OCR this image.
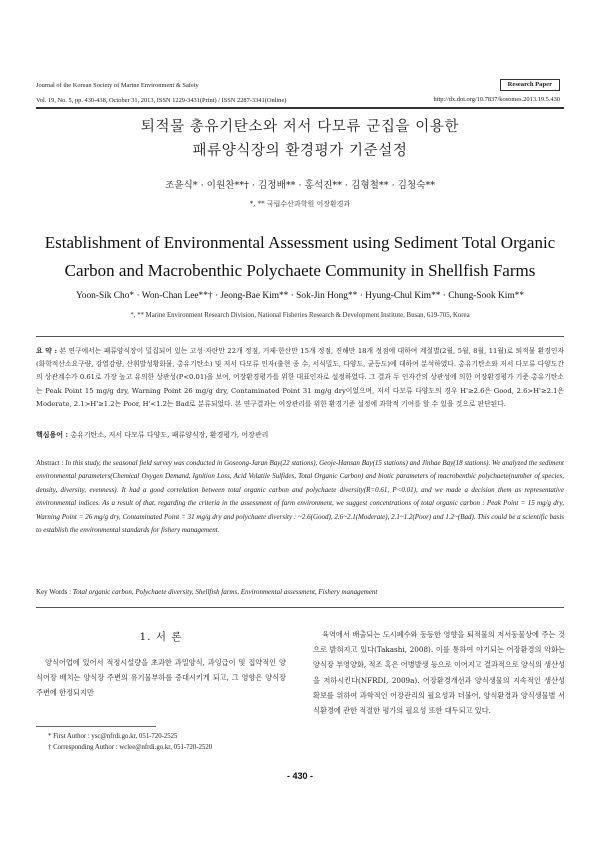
Journal of the Korean Society of Marine Environment & Safety
Vol. 19, No. 5, pp. 430-438, October 31, 2013, ISSN 1229-3431(Print) / ISSN 2287-3341(Online)
Research Paper
http://dx.doi.org/10.7837/kosomes.2013.19.5.430
퇴적물 총유기탄소와 저서 다모류 군집을 이용한
패류양식장의 환경평가 기준설정
조윤식* · 이원찬**† · 김정배** · 홍석진** · 김형철** · 김청숙**
*, ** 국립수산과학원 어장환경과
Establishment of Environmental Assessment using Sediment Total Organic
Carbon and Macrobenthic Polychaete Community in Shellfish Farms
Yoon-Sik Cho* · Won-Chan Lee**† · Jeong-Bae Kim** · Sok-Jin Hong** · Hyung-Chul Kim** · Chung-Sook Kim**
*, ** Marine Environment Research Division, National Fisheries Research & Development Institute, Busan, 619-705, Korea
요 약 : 본 연구에서는 패류양식장이 밀집되어 있는 고성·자란만 22개 정점, 거제·한산만 15개 정점, 진해만 18개 정점에 대하여 계절별(2월, 5월, 8월, 11월)로 퇴적물 환경인자(화학적산소요구량, 강열감량, 산휘발성황화물, 총유기탄소) 및 저서 다모류 인자(출현 종 수, 서식밀도, 다양도, 균등도)에 대하여 분석하였다. 총유기탄소와 저서 다모류 다양도간의 상관계수가 0.61로 가장 높고 유의한 상관성(P<0.01)을 보여, 어장환경평가를 위한 대표인자로 설정하였다. 그 결과 두 인자간의 상관성에 의한 어장환경평가 기준 총유기탄소는 Peak Point 15 mg/g dry, Warning Point 26 mg/g dry, Contaminated Point 31 mg/g dry이었으며, 저서 다모류 다양도의 경우 H'≥2.6은 Good, 2.6>H'≥2.1은 Moderate, 2.1>H'≥1.2는 Poor, H'<1.2는 Bad로 분류되었다. 본 연구결과는 어장관리를 위한 환경기준 설정에 과학적 기여를 할 수 있을 것으로 판단된다.
핵심용어 : 총유기탄소, 저서 다모류 다양도, 패류양식장, 환경평가, 어장관리
Abstract : In this study, the seasonal field survey was conducted in Goseong-Jaran Bay(22 stations), Geoje-Hansan Bay(15 stations) and Jinhae Bay(18 stations). We analyzed the sediment environmental parameters(Chemical Oxygen Demand, Ignition Loss, Acid Volatile Sulfides, Total Organic Carbon) and biotic parameters of macrobenthic polychaete(number of species, density, diversity, evenness). It had a good correlation between total organic carbon and polychaete diversity(R=0.61, P<0.01), and we made a decision them as representative environmental indices. As a result of that, regarding the criteria in the assessment of farm environment, we suggest concentrations of total organic carbon : Peak Point = 15 mg/g dry, Warning Point = 26 mg/g dry, Contaminated Point = 31 mg/g dry and polychaete diversity : ~2.6(Good), 2.6~2.1(Moderate), 2.1~1.2(Poor) and 1.2~(Bad). This could be a scientific basis to establish the environmental standards for fishery management.
Key Words : Total organic carbon, Polychaete diversity, Shellfish farms, Environmental assessment, Fishery management
1. 서 론
양식어업에 있어서 적정시설량을 초과한 과밀양식, 과잉급이 및 집약적인 양식어장 배치는 양식장 주변의 유기물부하를 증대시키게 되고, 그 영향은 양식장 주변에 한정되지만
육역에서 배출되는 도시폐수와 동등한 영향을 퇴적물의 저서동물상에 주는 것으로 밝혀지고 있다(Takashi, 2008). 이를 통하여 야기되는 어장환경의 악화는 양식장 부영양화, 적조 혹은 어병발생 등으로 이어지고 결과적으로 양식의 생산성을 저하시킨다(NFRDI, 2009a). 어장환경개선과 양식생물의 지속적인 생산성 확보를 위하여 과학적인 어장관리의 필요성과 더불어, 양식환경과 양식생물별 서식환경에 관한 적절한 평가의 필요성 또한 대두되고 있다.
* First Author : ysc@nfrdi.go.kr, 051-720-2525
† Corresponding Author : wclee@nfrdi.go.kr, 051-720-2520
- 430 -
